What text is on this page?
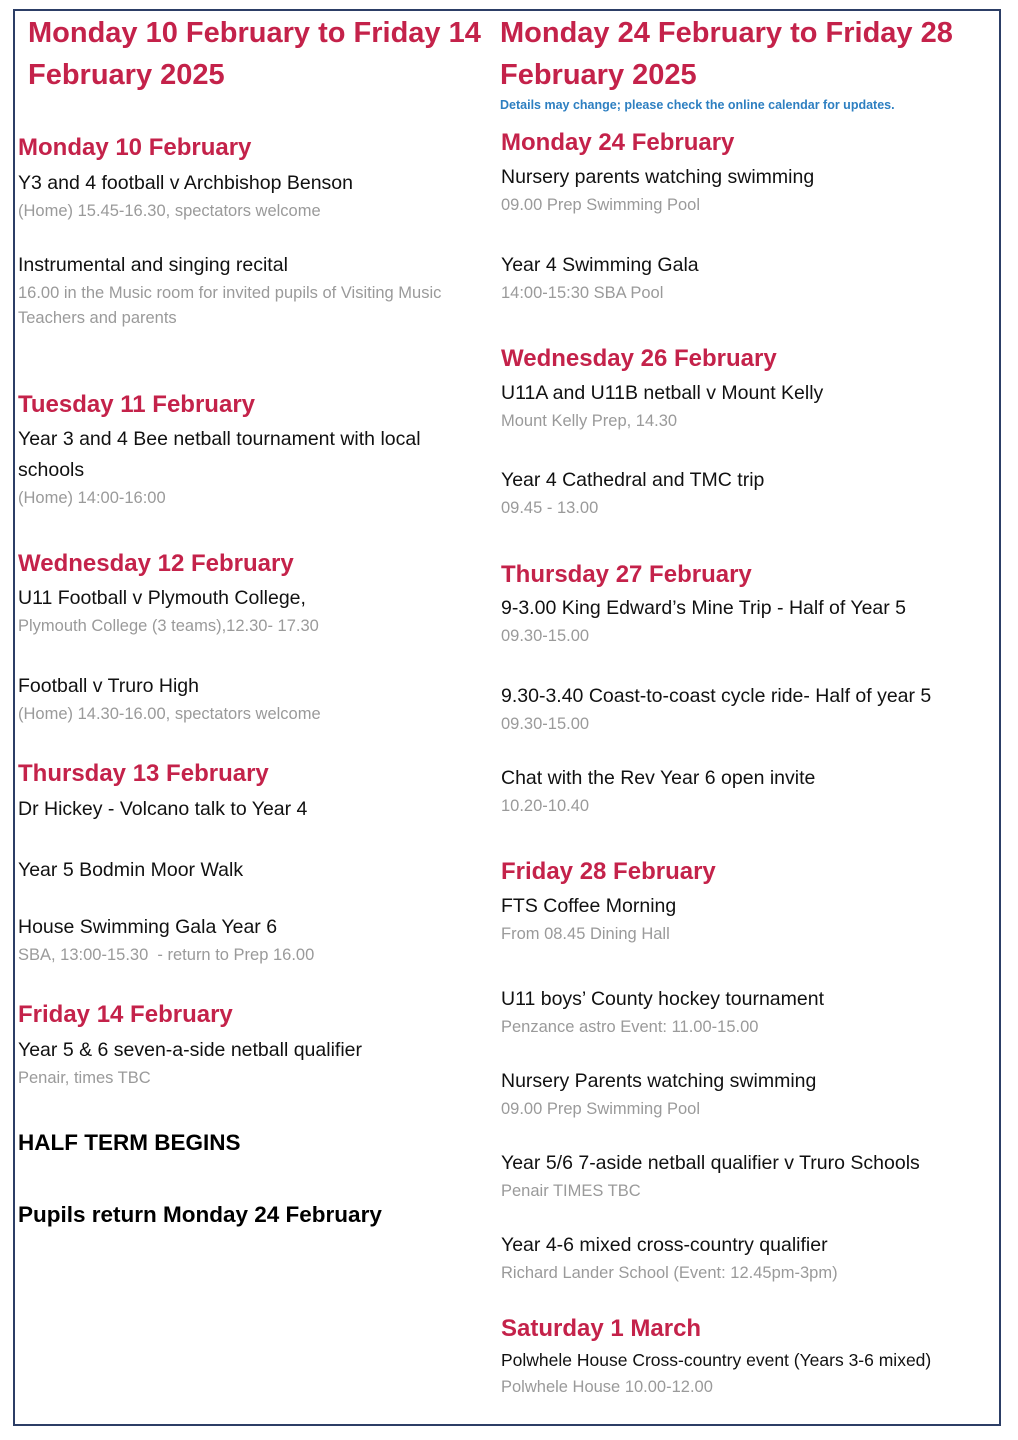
Monday 10 February to Friday 14 February 2025
Monday 10 February

Y3 and 4 football v Archbishop Benson

(Home) 15.45-16.30, spectators welcome

Instrumental and singing recital

16.00 in the Music room for invited pupils of Visiting Music Teachers and parents

Tuesday 11 February

Year 3 and 4 Bee netball tournament with local schools

(Home) 14:00-16:00

Wednesday 12 February

U11 Football v Plymouth College,

Plymouth College (3 teams),12.30- 17.30

Football v Truro High

(Home) 14.30-16.00, spectators welcome

Thursday 13 February

Dr Hickey - Volcano talk to Year 4

Year 5 Bodmin Moor Walk

House Swimming Gala Year 6

SBA, 13:00-15.30  - return to Prep 16.00

Friday 14 February

Year 5 & 6 seven-a-side netball qualifier

Penair, times TBC

HALF TERM BEGINS
Pupils return Monday 24 February
Monday 24 February to Friday 28 February 2025
Details may change; please check the online calendar for updates.
Monday 24 February

Nursery parents watching swimming

09.00 Prep Swimming Pool

Year 4 Swimming Gala

14:00-15:30 SBA Pool

Wednesday 26 February

U11A and U11B netball v Mount Kelly

Mount Kelly Prep, 14.30

Year 4 Cathedral and TMC trip

09.45 - 13.00

Thursday 27 February

9-3.00 King Edward’s Mine Trip - Half of Year 5

09.30-15.00

9.30-3.40 Coast-to-coast cycle ride- Half of year 5

09.30-15.00

Chat with the Rev Year 6 open invite

10.20-10.40

Friday 28 February

FTS Coffee Morning

From 08.45 Dining Hall

U11 boys’ County hockey tournament

Penzance astro Event: 11.00-15.00

Nursery Parents watching swimming

09.00 Prep Swimming Pool

Year 5/6 7-aside netball qualifier v Truro Schools

Penair TIMES TBC

Year 4-6 mixed cross-country qualifier

Richard Lander School (Event: 12.45pm-3pm)

Saturday 1 March

Polwhele House Cross-country event (Years 3-6 mixed)

Polwhele House 10.00-12.00
